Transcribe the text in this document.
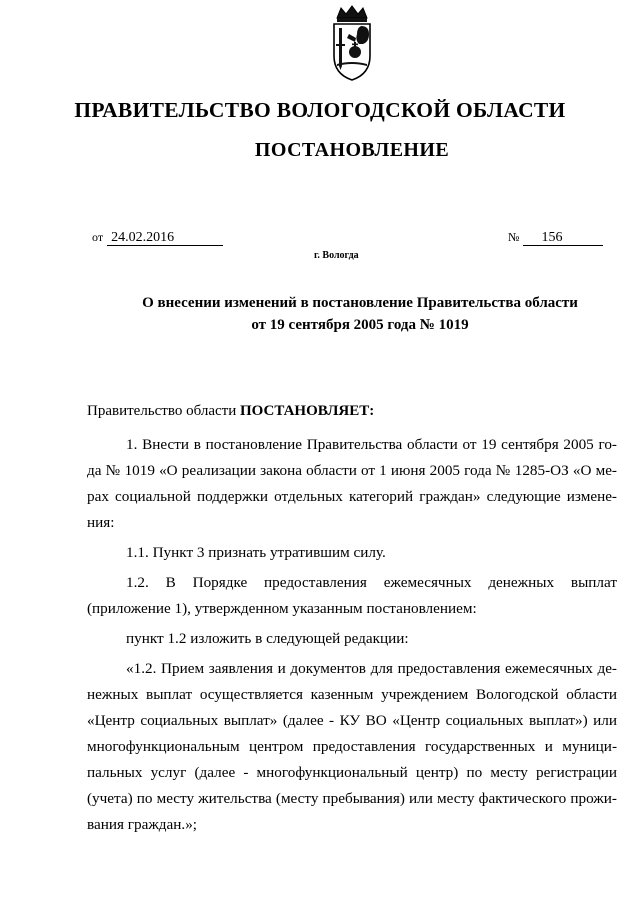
ПРАВИТЕЛЬСТВО ВОЛОГОДСКОЙ ОБЛАСТИ
ПОСТАНОВЛЕНИЕ
от 24.02.2016	№ 156
г. Вологда
О внесении изменений в постановление Правительства области
от 19 сентября 2005 года № 1019
Правительство области ПОСТАНОВЛЯЕТ:

1. Внести в постановление Правительства области от 19 сентября 2005 го-да № 1019 «О реализации закона области от 1 июня 2005 года № 1285-ОЗ «О ме-рах социальной поддержки отдельных категорий граждан» следующие измене-ния:

1.1. Пункт 3 признать утратившим силу.

1.2. В Порядке предоставления ежемесячных денежных выплат

(приложение 1), утвержденном указанным постановлением:

пункт 1.2 изложить в следующей редакции:

«1.2. Прием заявления и документов для предоставления ежемесячных де-нежных выплат осуществляется казенным учреждением Вологодской области «Центр социальных выплат» (далее - КУ ВО «Центр социальных выплат») или многофункциональным центром предоставления государственных и муници-пальных услуг (далее - многофункциональный центр) по месту регистрации (учета) по месту жительства (месту пребывания) или месту фактического прожи-вания граждан.»;
